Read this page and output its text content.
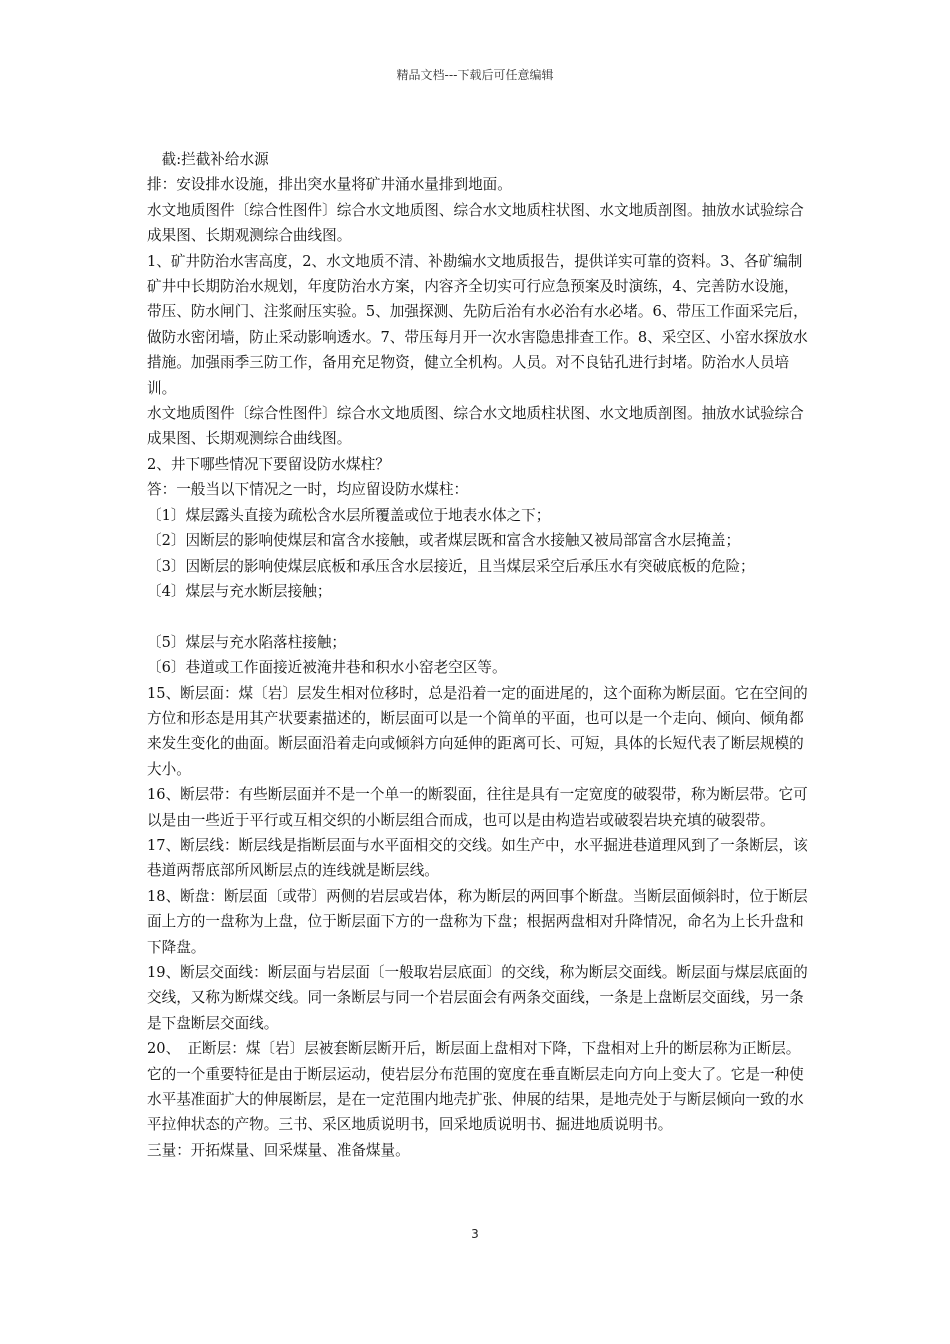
精品文档---下载后可任意编辑

　截:拦截补给水源

排：安设排水设施，排出突水量将矿井涌水量排到地面。

水文地质图件〔综合性图件〕综合水文地质图、综合水文地质柱状图、水文地质剖图。抽放水试验综合成果图、长期观测综合曲线图。

1、矿井防治水害高度，2、水文地质不清、补勘编水文地质报告，提供详实可靠的资料。3、各矿编制矿井中长期防治水规划，年度防治水方案，内容齐全切实可行应急预案及时演练，4、完善防水设施，带压、防水闸门、注浆耐压实验。5、加强探测、先防后治有水必治有水必堵。6、带压工作面采完后，做防水密闭墙，防止采动影响透水。7、带压每月开一次水害隐患排查工作。8、采空区、小窑水探放水措施。加强雨季三防工作，备用充足物资，健立全机构。人员。对不良钻孔进行封堵。防治水人员培训。

水文地质图件〔综合性图件〕综合水文地质图、综合水文地质柱状图、水文地质剖图。抽放水试验综合成果图、长期观测综合曲线图。

2、井下哪些情况下要留设防水煤柱？

答：一般当以下情况之一时，均应留设防水煤柱：

〔1〕煤层露头直接为疏松含水层所覆盖或位于地表水体之下；

〔2〕因断层的影响使煤层和富含水接触，或者煤层既和富含水接触又被局部富含水层掩盖；

〔3〕因断层的影响使煤层底板和承压含水层接近，且当煤层采空后承压水有突破底板的危险；

〔4〕煤层与充水断层接触；

〔5〕煤层与充水陷落柱接触；

〔6〕巷道或工作面接近被淹井巷和积水小窑老空区等。

15、断层面：煤〔岩〕层发生相对位移时，总是沿着一定的面进尾的，这个面称为断层面。它在空间的方位和形态是用其产状要素描述的，断层面可以是一个简单的平面，也可以是一个走向、倾向、倾角都来发生变化的曲面。断层面沿着走向或倾斜方向延伸的距离可长、可短，具体的长短代表了断层规模的大小。

16、断层带：有些断层面并不是一个单一的断裂面，往往是具有一定宽度的破裂带，称为断层带。它可以是由一些近于平行或互相交织的小断层组合而成，也可以是由构造岩或破裂岩块充填的破裂带。

17、断层线：断层线是指断层面与水平面相交的交线。如生产中，水平掘进巷道理风到了一条断层，该巷道两帮底部所风断层点的连线就是断层线。

18、断盘：断层面〔或带〕两侧的岩层或岩体，称为断层的两回事个断盘。当断层面倾斜时，位于断层面上方的一盘称为上盘，位于断层面下方的一盘称为下盘；根据两盘相对升降情况，命名为上长升盘和下降盘。

19、断层交面线：断层面与岩层面〔一般取岩层底面〕的交线，称为断层交面线。断层面与煤层底面的交线，又称为断煤交线。同一条断层与同一个岩层面会有两条交面线，一条是上盘断层交面线，另一条是下盘断层交面线。

20、　正断层：煤〔岩〕层被套断层断开后，断层面上盘相对下降，下盘相对上升的断层称为正断层。它的一个重要特征是由于断层运动，使岩层分布范围的宽度在垂直断层走向方向上变大了。它是一种使水平基准面扩大的伸展断层，是在一定范围内地壳扩张、伸展的结果，是地壳处于与断层倾向一致的水平拉伸状态的产物。三书、采区地质说明书，回采地质说明书、掘进地质说明书。

三量：开拓煤量、回采煤量、准备煤量。

3
